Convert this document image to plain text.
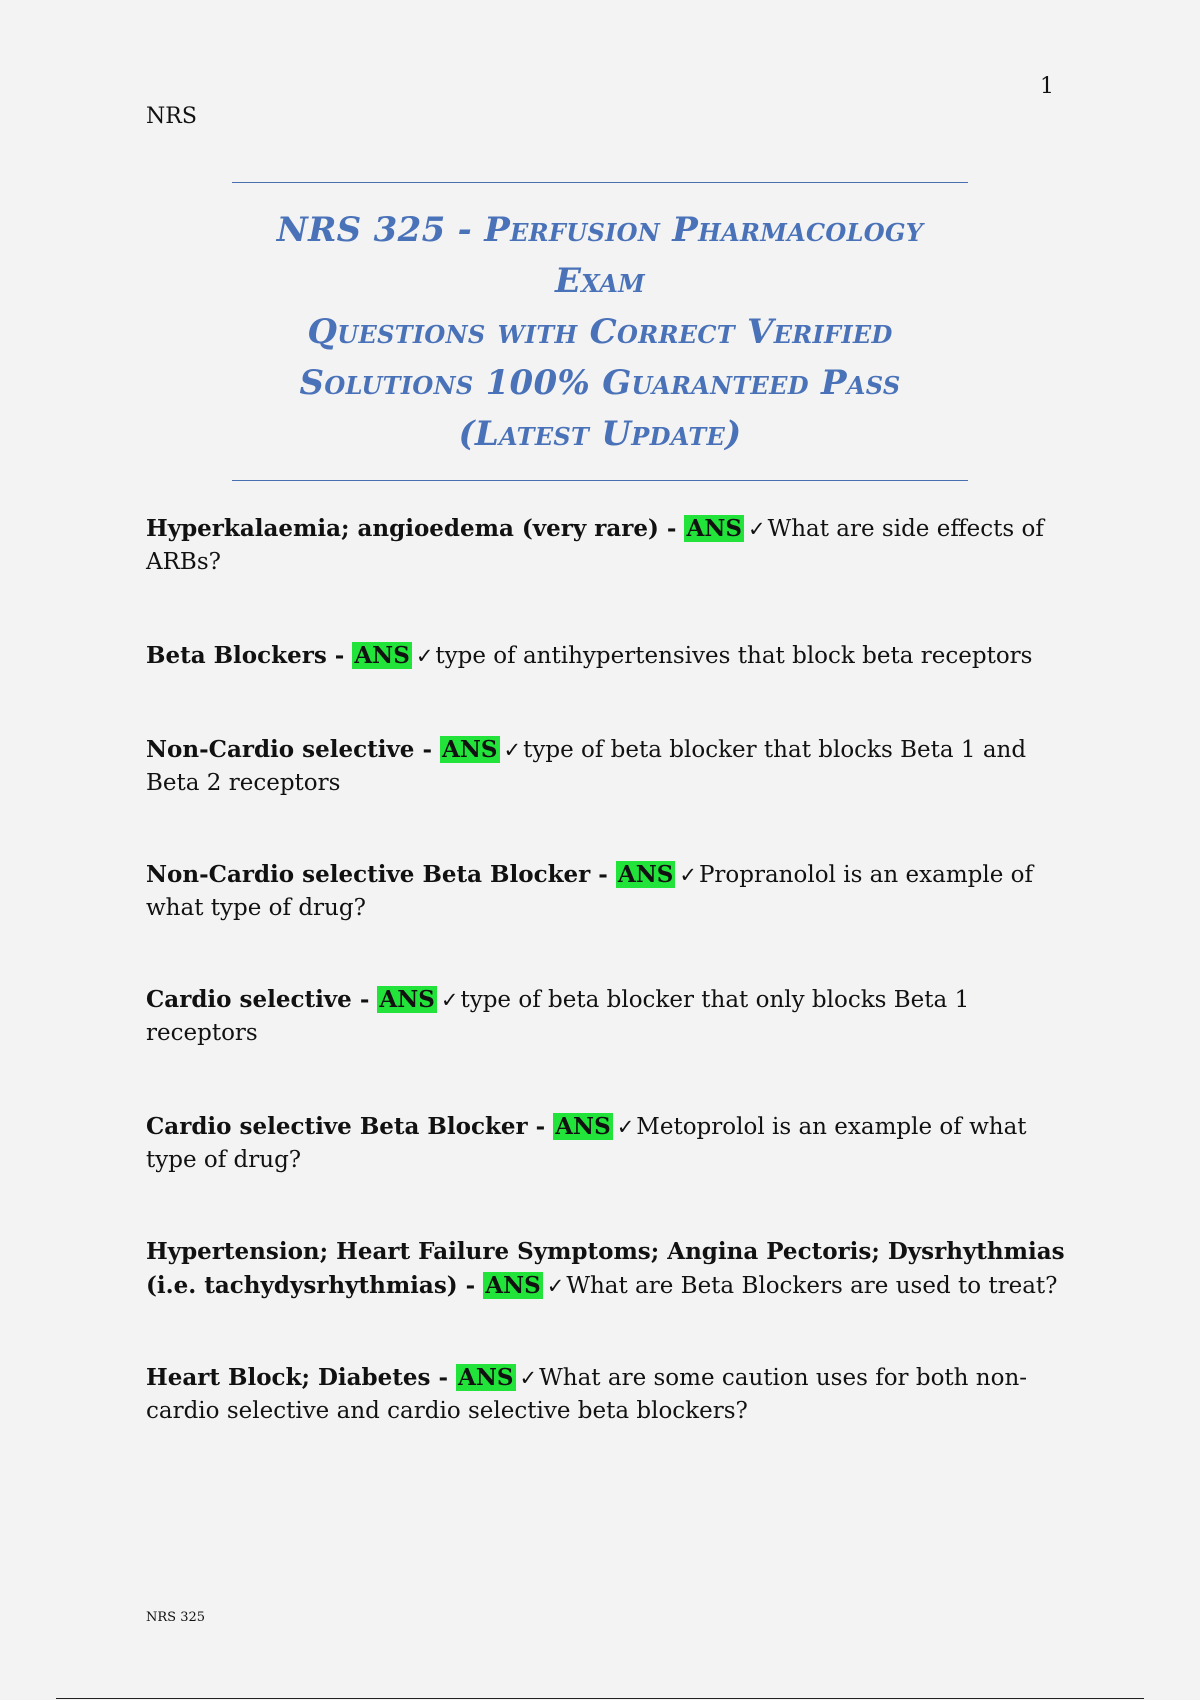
1
NRS
NRS 325 - Perfusion Pharmacology Exam
Questions with Correct Verified
Solutions 100% Guaranteed Pass
(Latest Update)

Hyperkalaemia; angioedema (very rare) - ANS ✓What are side effects of ARBs?

Beta Blockers - ANS ✓type of antihypertensives that block beta receptors

Non-Cardio selective - ANS ✓type of beta blocker that blocks Beta 1 and Beta 2 receptors

Non-Cardio selective Beta Blocker - ANS ✓Propranolol is an example of what type of drug?

Cardio selective - ANS ✓type of beta blocker that only blocks Beta 1 receptors

Cardio selective Beta Blocker - ANS ✓Metoprolol is an example of what type of drug?

Hypertension; Heart Failure Symptoms; Angina Pectoris; Dysrhythmias (i.e. tachydysrhythmias) - ANS ✓What are Beta Blockers are used to treat?

Heart Block; Diabetes - ANS ✓What are some caution uses for both non-cardio selective and cardio selective beta blockers?

NRS 325
